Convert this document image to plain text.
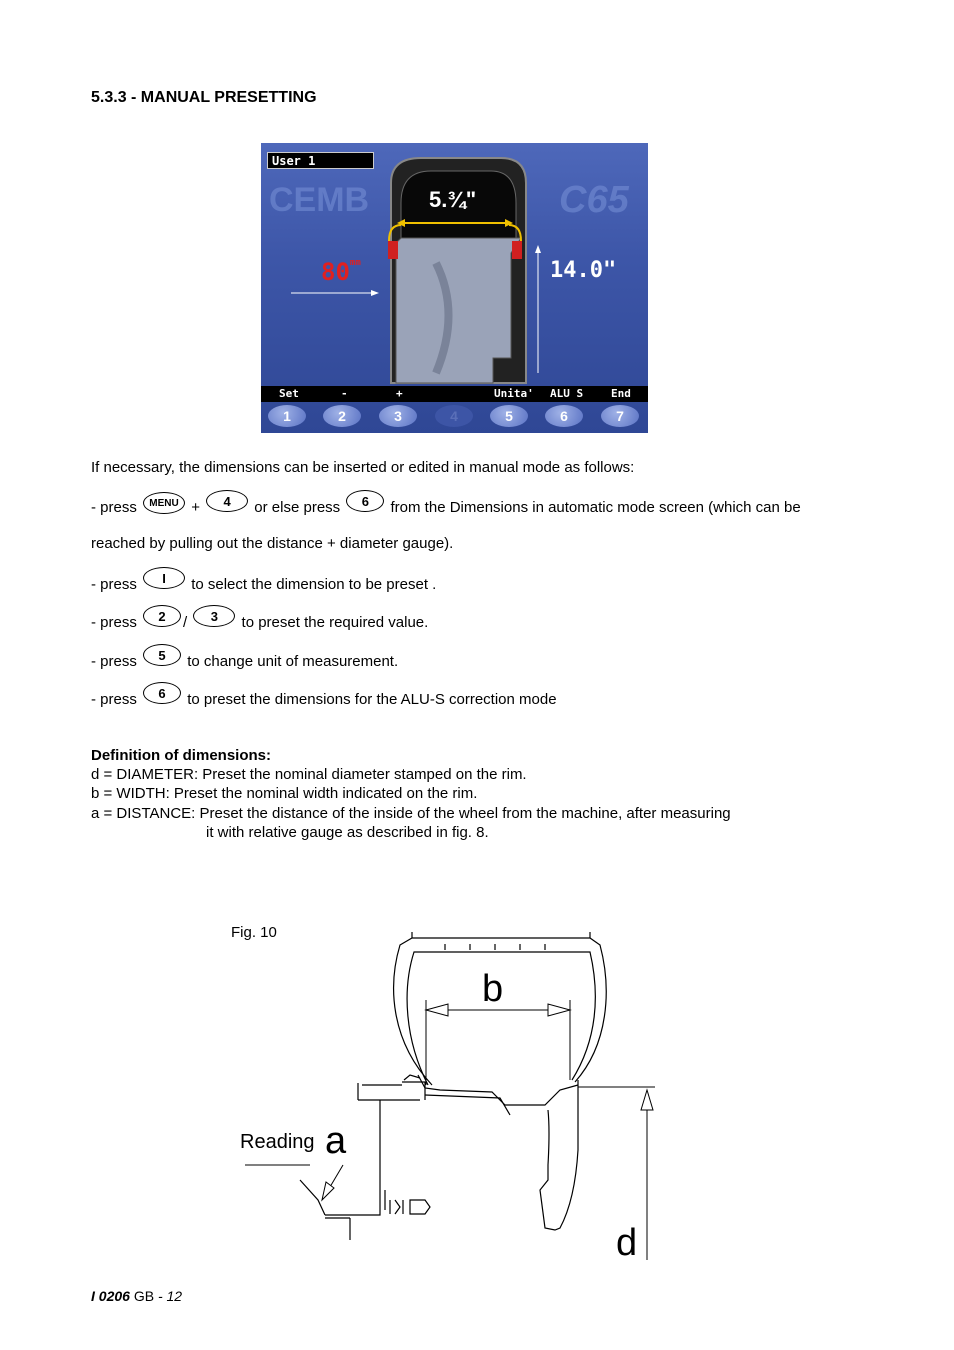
5.3.3 - MANUAL PRESETTING
CEMB	C65
User 1
5.¾"
$80^{mm}$	14.0"
Set	-	+	Unita' ALU S	End
1	2	3	4	5	6	7
If necessary, the dimensions can be inserted or edited in manual mode as follows:
- press MENU + 4 or else press 6 from the Dimensions in automatic mode screen (which can be
reached by pulling out the distance + diameter gauge).
- press I to select the dimension to be preset .
- press 2 / 3 to preset the required value.
- press 5 to change unit of measurement.
- press 6 to preset the dimensions for the ALU-S correction mode
Definition of dimensions:
d = DIAMETER: Preset the nominal diameter stamped on the rim.
b = WIDTH: Preset the nominal width indicated on the rim.
a = DISTANCE: Preset the distance of the inside of the wheel from the machine, after measuring
it with relative gauge as described in fig. 8.
Fig. 10
b
a
Reading
d
I 0206 GB - 12
